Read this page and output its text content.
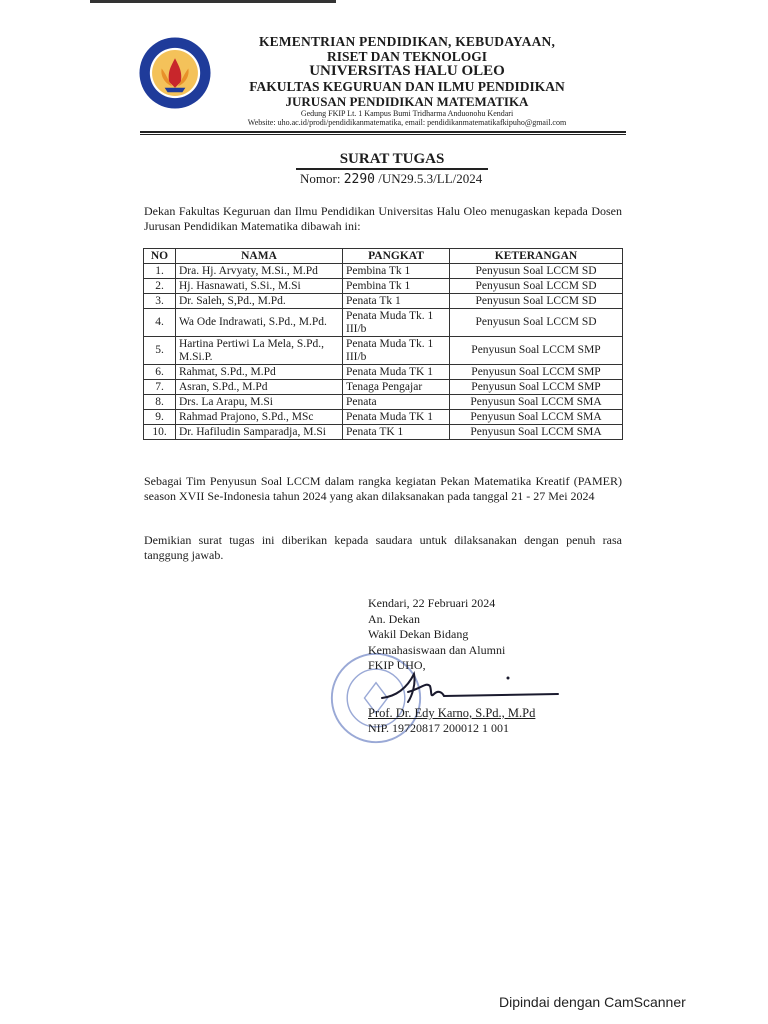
KEMENTRIAN PENDIDIKAN, KEBUDAYAAN,
RISET DAN TEKNOLOGI
UNIVERSITAS HALU OLEO
FAKULTAS KEGURUAN DAN ILMU PENDIDIKAN
JURUSAN PENDIDIKAN MATEMATIKA
Gedung FKIP Lt. 1 Kampus Bumi Tridharma Anduonohu Kendari
Website: uho.ac.id/prodi/pendidikanmatematika, email: pendidikanmatematikafkipuho@gmail.com
SURAT TUGAS
Nomor: 2290 /UN29.5.3/LL/2024
Dekan Fakultas Keguruan dan Ilmu Pendidikan Universitas Halu Oleo menugaskan kepada Dosen Jurusan Pendidikan Matematika dibawah ini:
NO	NAMA	PANGKAT	KETERANGAN
1.	Dra. Hj. Arvyaty, M.Si., M.Pd	Pembina Tk 1	Penyusun Soal LCCM SD
2.	Hj. Hasnawati, S.Si., M.Si	Pembina Tk 1	Penyusun Soal LCCM SD
3.	Dr. Saleh, S,Pd., M.Pd.	Penata Tk 1	Penyusun Soal LCCM SD
4.	Wa Ode Indrawati, S.Pd., M.Pd.	Penata Muda Tk. 1 III/b	Penyusun Soal LCCM SD
5.	Hartina Pertiwi La Mela, S.Pd., M.Si.P.	Penata Muda Tk. 1 III/b	Penyusun Soal LCCM SMP
6.	Rahmat, S.Pd., M.Pd	Penata Muda TK 1	Penyusun Soal LCCM SMP
7.	Asran, S.Pd., M.Pd	Tenaga Pengajar	Penyusun Soal LCCM SMP
8.	Drs. La Arapu, M.Si	Penata	Penyusun Soal LCCM SMA
9.	Rahmad Prajono, S.Pd., MSc	Penata Muda TK 1	Penyusun Soal LCCM SMA
10.	Dr. Hafiludin Samparadja, M.Si	Penata TK 1	Penyusun Soal LCCM SMA
Sebagai Tim Penyusun Soal LCCM dalam rangka kegiatan Pekan Matematika Kreatif (PAMER) season XVII Se-Indonesia tahun 2024 yang akan dilaksanakan pada tanggal 21 - 27 Mei 2024
Demikian surat tugas ini diberikan kepada saudara untuk dilaksanakan dengan penuh rasa tanggung jawab.
Kendari, 22 Februari 2024
An. Dekan
Wakil Dekan Bidang
Kemahasiswaan dan Alumni
FKIP UHO,
Prof. Dr. Edy Karno, S.Pd., M.Pd
NIP. 19720817 200012 1 001
Dipindai dengan CamScanner
